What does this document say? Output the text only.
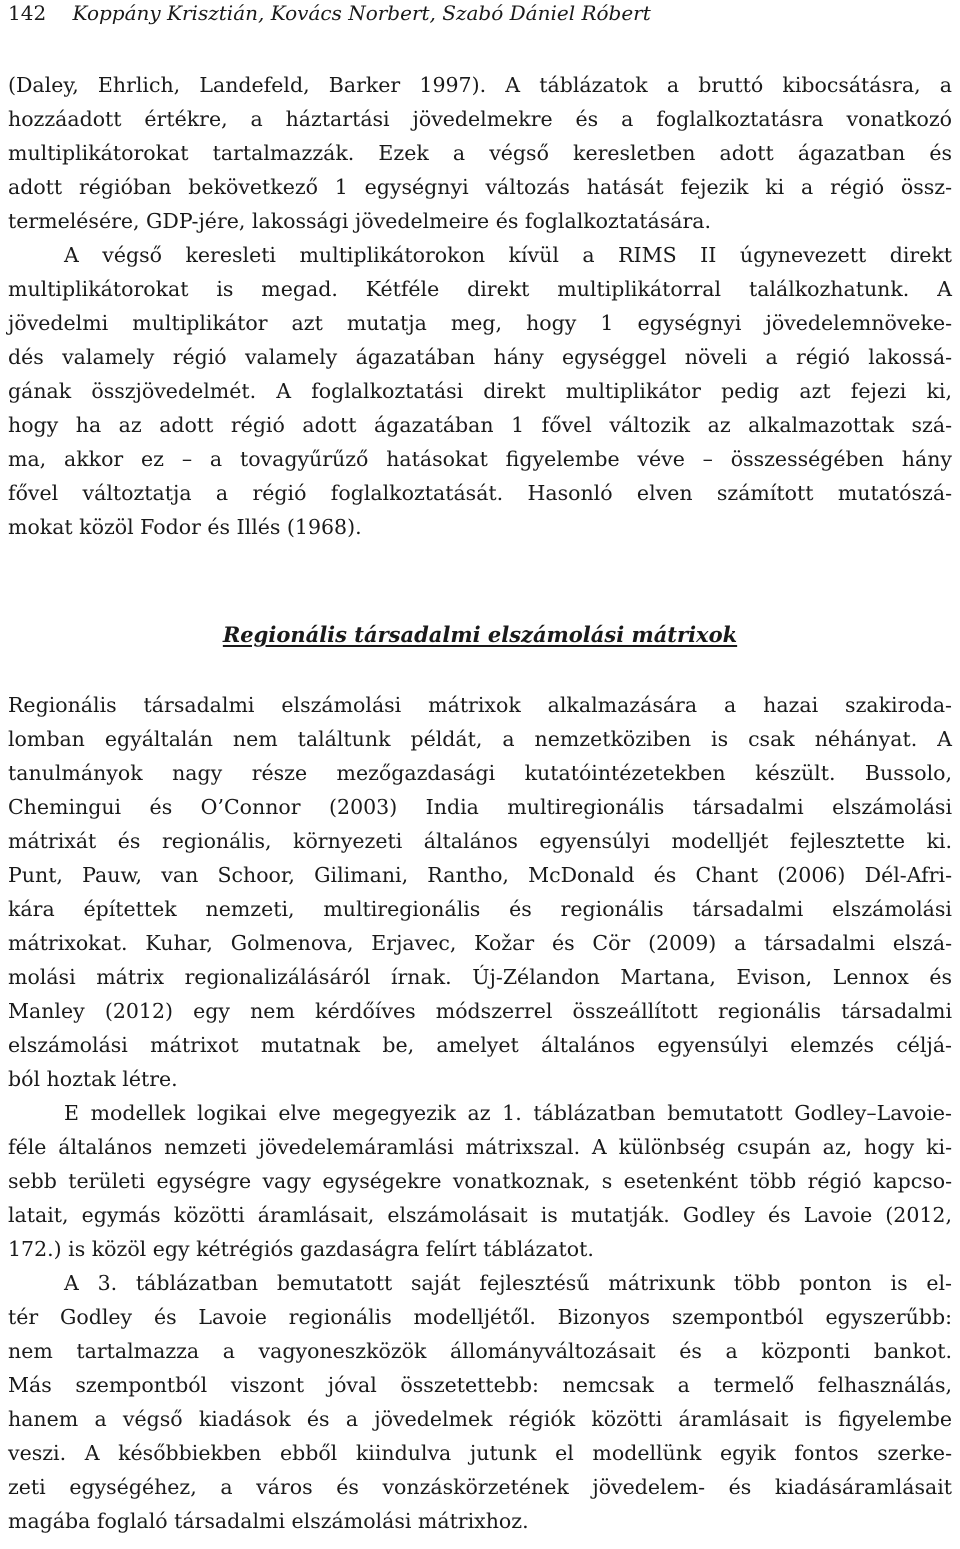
142 Koppány Krisztián, Kovács Norbert, Szabó Dániel Róbert
(Daley, Ehrlich, Landefeld, Barker 1997). A táblázatok a bruttó kibocsátásra, a
hozzáadott értékre, a háztartási jövedelmekre és a foglalkoztatásra vonatkozó
multiplikátorokat tartalmazzák. Ezek a végső keresletben adott ágazatban és
adott régióban bekövetkező 1 egységnyi változás hatását fejezik ki a régió össz-
termelésére, GDP-jére, lakossági jövedelmeire és foglalkoztatására.
A végső keresleti multiplikátorokon kívül a RIMS II úgynevezett direkt
multiplikátorokat is megad. Kétféle direkt multiplikátorral találkozhatunk. A
jövedelmi multiplikátor azt mutatja meg, hogy 1 egységnyi jövedelemnöveke-
dés valamely régió valamely ágazatában hány egységgel növeli a régió lakossá-
gának összjövedelmét. A foglalkoztatási direkt multiplikátor pedig azt fejezi ki,
hogy ha az adott régió adott ágazatában 1 fővel változik az alkalmazottak szá-
ma, akkor ez – a tovagyűrűző hatásokat figyelembe véve – összességében hány
fővel változtatja a régió foglalkoztatását. Hasonló elven számított mutatószá-
mokat közöl Fodor és Illés (1968).
Regionális társadalmi elszámolási mátrixok
Regionális társadalmi elszámolási mátrixok alkalmazására a hazai szakiroda-
lomban egyáltalán nem találtunk példát, a nemzetköziben is csak néhányat. A
tanulmányok nagy része mezőgazdasági kutatóintézetekben készült. Bussolo,
Chemingui és O’Connor (2003) India multiregionális társadalmi elszámolási
mátrixát és regionális, környezeti általános egyensúlyi modelljét fejlesztette ki.
Punt, Pauw, van Schoor, Gilimani, Rantho, McDonald és Chant (2006) Dél-Afri-
kára építettek nemzeti, multiregionális és regionális társadalmi elszámolási
mátrixokat. Kuhar, Golmenova, Erjavec, Kožar és Cör (2009) a társadalmi elszá-
molási mátrix regionalizálásáról írnak. Új-Zélandon Martana, Evison, Lennox és
Manley (2012) egy nem kérdőíves módszerrel összeállított regionális társadalmi
elszámolási mátrixot mutatnak be, amelyet általános egyensúlyi elemzés céljá-
ból hoztak létre.
E modellek logikai elve megegyezik az 1. táblázatban bemutatott Godley–Lavoie-
féle általános nemzeti jövedelemáramlási mátrixszal. A különbség csupán az, hogy ki-
sebb területi egységre vagy egységekre vonatkoznak, s esetenként több régió kapcso-
latait, egymás közötti áramlásait, elszámolásait is mutatják. Godley és Lavoie (2012,
172.) is közöl egy kétrégiós gazdaságra felírt táblázatot.
A 3. táblázatban bemutatott saját fejlesztésű mátrixunk több ponton is el-
tér Godley és Lavoie regionális modelljétől. Bizonyos szempontból egyszerűbb:
nem tartalmazza a vagyoneszközök állományváltozásait és a központi bankot.
Más szempontból viszont jóval összetettebb: nemcsak a termelő felhasználás,
hanem a végső kiadások és a jövedelmek régiók közötti áramlásait is figyelembe
veszi. A későbbiekben ebből kiindulva jutunk el modellünk egyik fontos szerke-
zeti egységéhez, a város és vonzáskörzetének jövedelem- és kiadásáramlásait
magába foglaló társadalmi elszámolási mátrixhoz.
